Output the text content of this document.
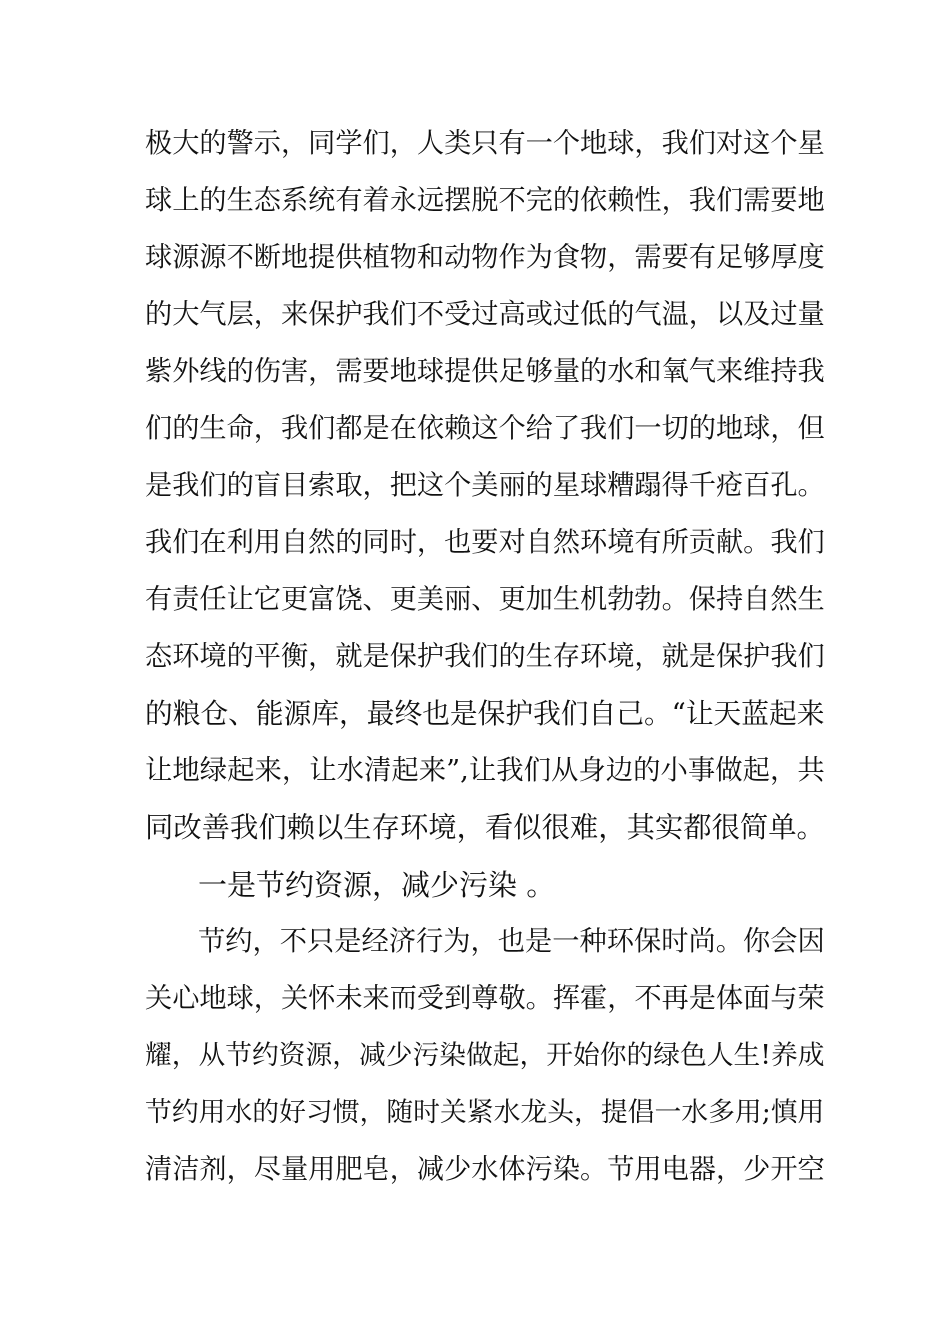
极大的警示，同学们，人类只有一个地球，我们对这个星
球上的生态系统有着永远摆脱不完的依赖性，我们需要地
球源源不断地提供植物和动物作为食物，需要有足够厚度
的大气层，来保护我们不受过高或过低的气温，以及过量
紫外线的伤害，需要地球提供足够量的水和氧气来维持我
们的生命，我们都是在依赖这个给了我们一切的地球，但
是我们的盲目索取，把这个美丽的星球糟蹋得千疮百孔。
我们在利用自然的同时，也要对自然环境有所贡献。我们
有责任让它更富饶、更美丽、更加生机勃勃。保持自然生
态环境的平衡，就是保护我们的生存环境，就是保护我们
的粮仓、能源库，最终也是保护我们自己。“让天蓝起来
让地绿起来，让水清起来”,让我们从身边的小事做起，共
同改善我们赖以生存环境，看似很难，其实都很简单。
一是节约资源，减少污染 。
节约，不只是经济行为，也是一种环保时尚。你会因
关心地球，关怀未来而受到尊敬。挥霍，不再是体面与荣
耀，从节约资源，减少污染做起，开始你的绿色人生!养成
节约用水的好习惯，随时关紧水龙头，提倡一水多用;慎用
清洁剂，尽量用肥皂，减少水体污染。节用电器，少开空
